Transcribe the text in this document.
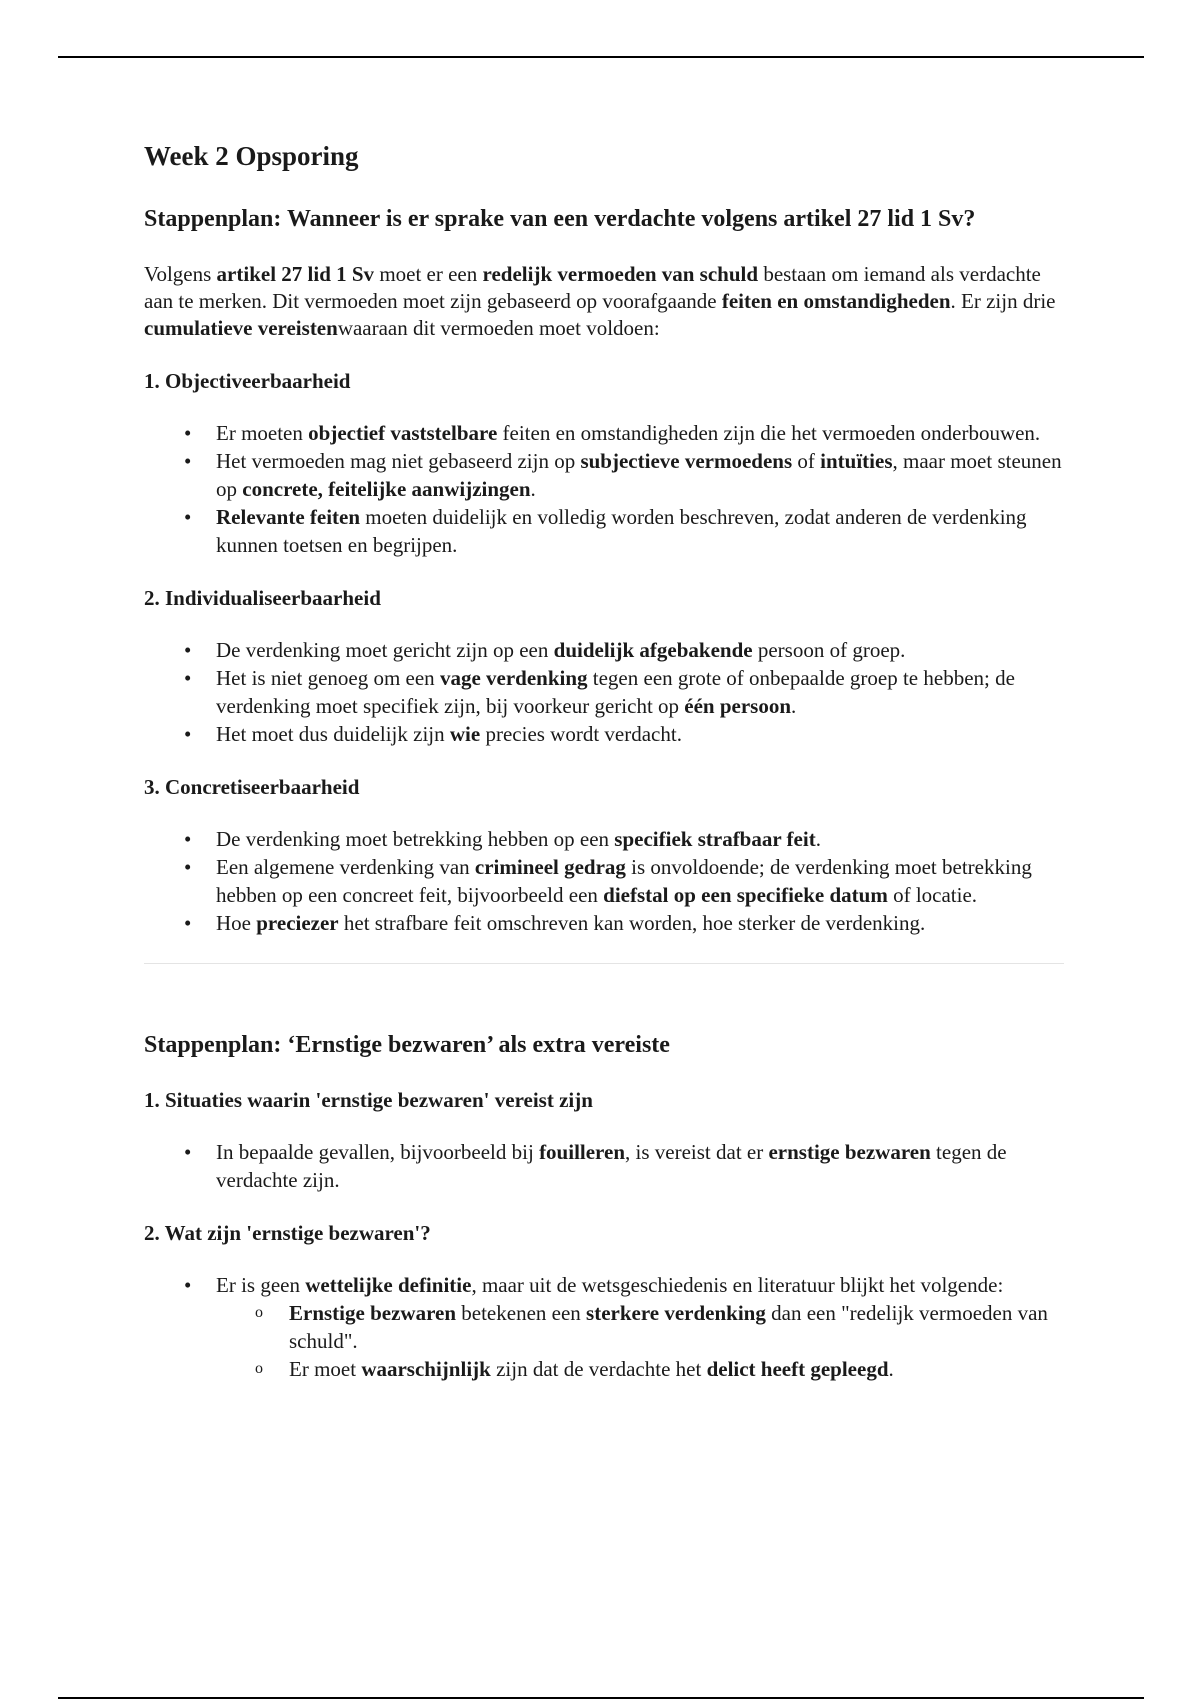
Week 2 Opsporing
Stappenplan: Wanneer is er sprake van een verdachte volgens artikel 27 lid 1 Sv?

Volgens artikel 27 lid 1 Sv moet er een redelijk vermoeden van schuld bestaan om iemand als verdachte aan te merken. Dit vermoeden moet zijn gebaseerd op voorafgaande feiten en omstandigheden. Er zijn drie cumulatieve vereistenwaaraan dit vermoeden moet voldoen:

1. Objectiveerbaarheid
• Er moeten objectief vaststelbare feiten en omstandigheden zijn die het vermoeden onderbouwen.
• Het vermoeden mag niet gebaseerd zijn op subjectieve vermoedens of intuïties, maar moet steunen op concrete, feitelijke aanwijzingen.
• Relevante feiten moeten duidelijk en volledig worden beschreven, zodat anderen de verdenking kunnen toetsen en begrijpen.
2. Individualiseerbaarheid
• De verdenking moet gericht zijn op een duidelijk afgebakende persoon of groep.
• Het is niet genoeg om een vage verdenking tegen een grote of onbepaalde groep te hebben; de verdenking moet specifiek zijn, bij voorkeur gericht op één persoon.
• Het moet dus duidelijk zijn wie precies wordt verdacht.
3. Concretiseerbaarheid
• De verdenking moet betrekking hebben op een specifiek strafbaar feit.
• Een algemene verdenking van crimineel gedrag is onvoldoende; de verdenking moet betrekking hebben op een concreet feit, bijvoorbeeld een diefstal op een specifieke datum of locatie.
• Hoe preciezer het strafbare feit omschreven kan worden, hoe sterker de verdenking.
Stappenplan: ‘Ernstige bezwaren’ als extra vereiste
1. Situaties waarin 'ernstige bezwaren' vereist zijn
• In bepaalde gevallen, bijvoorbeeld bij fouilleren, is vereist dat er ernstige bezwaren tegen de verdachte zijn.
2. Wat zijn 'ernstige bezwaren'?
• Er is geen wettelijke definitie, maar uit de wetsgeschiedenis en literatuur blijkt het volgende:
o Ernstige bezwaren betekenen een sterkere verdenking dan een "redelijk vermoeden van schuld".
o Er moet waarschijnlijk zijn dat de verdachte het delict heeft gepleegd.
